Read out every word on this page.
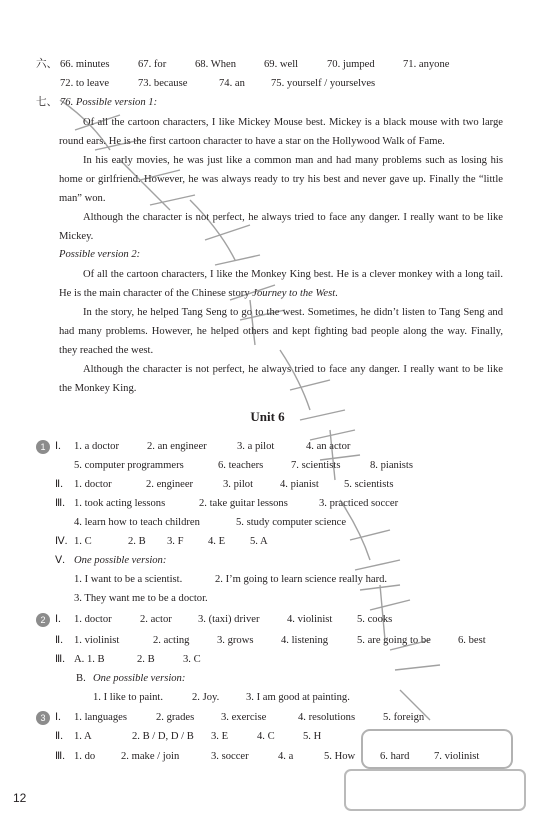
六、 66. minutes	67. for	68. When	69. well	70. jumped	71. anyone
72. to leave	73. because	74. an 75. yourself / yourselves
七、 76. Possible version 1:
Of all the cartoon characters, I like Mickey Mouse best. Mickey is a black mouse with two large round ears. He is the first cartoon character to have a star on the Hollywood Walk of Fame.
In his early movies, he was just like a common man and had many problems such as losing his home or girlfriend. However, he was always ready to try his best and never gave up. Finally the “little man” won.
Although the character is not perfect, he always tried to face any danger. I really want to be like Mickey.
Possible version 2:
Of all the cartoon characters, I like the Monkey King best. He is a clever monkey with a long tail. He is the main character of the Chinese story Journey to the West.
In the story, he helped Tang Seng to go to the west. Sometimes, he didn’t listen to Tang Seng and had many problems. However, he helped others and kept fighting bad people along the way. Finally, they reached the west.
Although the character is not perfect, he always tried to face any danger. I really want to be like the Monkey King.
Unit 6
1 Ⅰ. 1. a doctor	2. an engineer	3. a pilot	4. an actor
5. computer programmers	6. teachers	7. scientists	8. pianists
Ⅱ. 1. doctor	2. engineer	3. pilot	4. pianist 5. scientists
Ⅲ. 1. took acting lessons	2. take guitar lessons	3. practiced soccer
4. learn how to teach children	5. study computer science
Ⅳ. 1. C	2. B 3. F 4. E 5. A
Ⅴ. One possible version:
1. I want to be a scientist.	2. I’m going to learn science really hard.
3. They want me to be a doctor.
2 Ⅰ. 1. doctor	2. actor 3. (taxi) driver	4. violinist 5. cooks
Ⅱ. 1. violinist	2. acting	3. grows	4. listening	5. are going to be	6. best
Ⅲ. A. 1. B	2. B	3. C
B. One possible version:
1. I like to paint.	2. Joy.	3. I am good at painting.
3 Ⅰ. 1. languages	2. grades	3. exercise	4. resolutions	5. foreign
Ⅱ. 1. A	2. B / D, D / B 3. E	4. C	5. H
Ⅲ. 1. do 2. make / join	3. soccer	4. a	5. How 6. hard 7. violinist
12
